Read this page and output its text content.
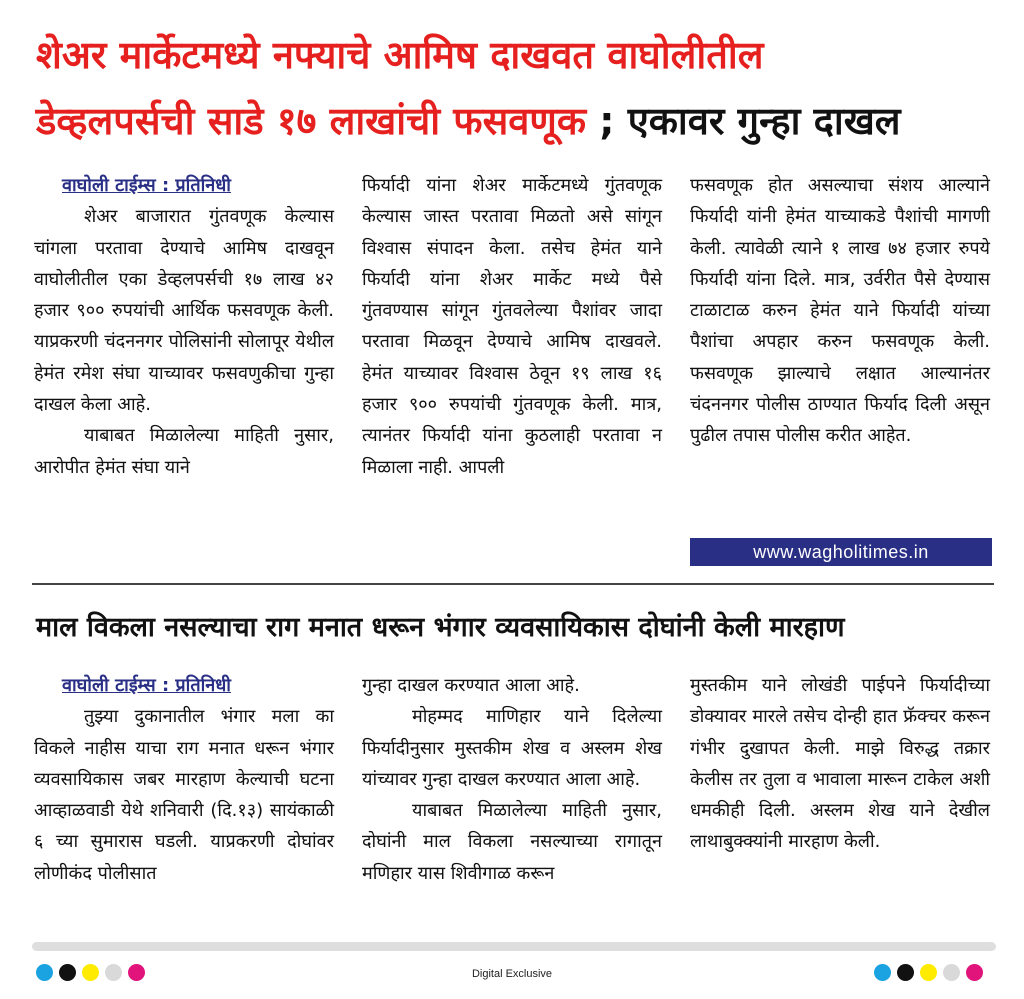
शेअर मार्केटमध्ये नफ्याचे आमिष दाखवत वाघोलीतील
डेव्हलपर्सची साडे १७ लाखांची फसवणूक ; एकावर गुन्हा दाखल
वाघोली टाईम्स : प्रतिनिधी

शेअर बाजारात गुंतवणूक केल्यास चांगला परतावा देण्याचे आमिष दाखवून वाघोलीतील एका डेव्हलपर्सची १७ लाख ४२ हजार ९०० रुपयांची आर्थिक फसवणूक केली. याप्रकरणी चंदननगर पोलिसांनी सोलापूर येथील हेमंत रमेश संघा याच्यावर फसवणुकीचा गुन्हा दाखल केला आहे.

याबाबत मिळालेल्या माहिती नुसार, आरोपीत हेमंत संघा याने

फिर्यादी यांना शेअर मार्केटमध्ये गुंतवणूक केल्यास जास्त परतावा मिळतो असे सांगून विश्वास संपादन केला. तसेच हेमंत याने फिर्यादी यांना शेअर मार्केट मध्ये पैसे गुंतवण्यास सांगून गुंतवलेल्या पैशांवर जादा परतावा मिळवून देण्याचे आमिष दाखवले. हेमंत याच्यावर विश्वास ठेवून १९ लाख १६ हजार ९०० रुपयांची गुंतवणूक केली. मात्र, त्यानंतर फिर्यादी यांना कुठलाही परतावा न मिळाला नाही. आपली

फसवणूक होत असल्याचा संशय आल्याने फिर्यादी यांनी हेमंत याच्याकडे पैशांची मागणी केली. त्यावेळी त्याने १ लाख ७४ हजार रुपये फिर्यादी यांना दिले. मात्र, उर्वरीत पैसे देण्यास टाळाटाळ करुन हेमंत याने फिर्यादी यांच्या पैशांचा अपहार करुन फसवणूक केली. फसवणूक झाल्याचे लक्षात आल्यानंतर चंदननगर पोलीस ठाण्यात फिर्याद दिली असून पुढील तपास पोलीस करीत आहेत.

www.wagholitimes.in
माल विकला नसल्याचा राग मनात धरून भंगार व्यवसायिकास दोघांनी केली मारहाण
वाघोली टाईम्स : प्रतिनिधी

तुझ्या दुकानातील भंगार मला का विकले नाहीस याचा राग मनात धरून भंगार व्यवसायिकास जबर मारहाण केल्याची घटना आव्हाळवाडी येथे शनिवारी (दि.१३) सायंकाळी ६ च्या सुमारास घडली. याप्रकरणी दोघांवर लोणीकंद पोलीसात

गुन्हा दाखल करण्यात आला आहे.

मोहम्मद माणिहार याने दिलेल्या फिर्यादीनुसार मुस्तकीम शेख व अस्लम शेख यांच्यावर गुन्हा दाखल करण्यात आला आहे.

याबाबत मिळालेल्या माहिती नुसार, दोघांनी माल विकला नसल्याच्या रागातून मणिहार यास शिवीगाळ करून

मुस्तकीम याने लोखंडी पाईपने फिर्यादीच्या डोक्यावर मारले तसेच दोन्ही हात फ्रॅक्चर करून गंभीर दुखापत केली. माझे विरुद्ध तक्रार केलीस तर तुला व भावाला मारून टाकेल अशी धमकीही दिली. अस्लम शेख याने देखील लाथाबुक्क्यांनी मारहाण केली.

Digital Exclusive
